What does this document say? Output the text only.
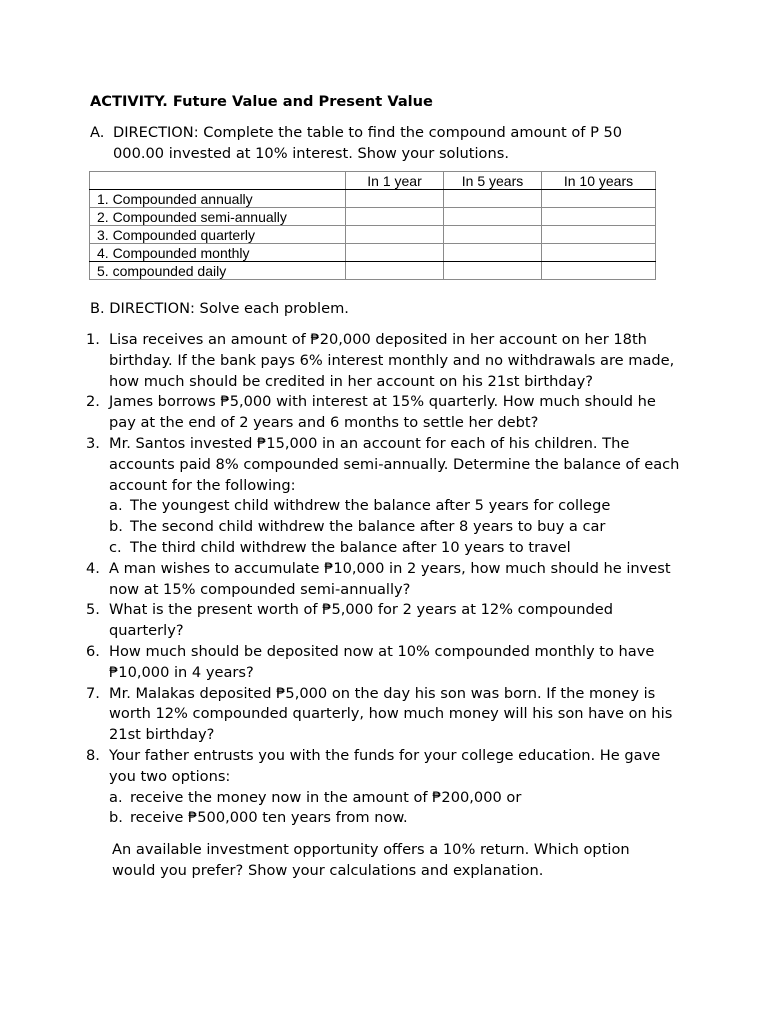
ACTIVITY. Future Value and Present Value
A. DIRECTION: Complete the table to find the compound amount of P 50 000.00 invested at 10% interest. Show your solutions.
	In 1 year	In 5 years	In 10 years
1. Compounded annually			
2. Compounded semi-annually			
3. Compounded quarterly			
4. Compounded monthly			
5. compounded daily			
B. DIRECTION: Solve each problem.
1. Lisa receives an amount of ₱20,000 deposited in her account on her 18th birthday. If the bank pays 6% interest monthly and no withdrawals are made, how much should be credited in her account on his 21st birthday?
2. James borrows ₱5,000 with interest at 15% quarterly. How much should he pay at the end of 2 years and 6 months to settle her debt?
3. Mr. Santos invested ₱15,000 in an account for each of his children. The accounts paid 8% compounded semi-annually. Determine the balance of each account for the following:
a. The youngest child withdrew the balance after 5 years for college
b. The second child withdrew the balance after 8 years to buy a car
c. The third child withdrew the balance after 10 years to travel
4. A man wishes to accumulate ₱10,000 in 2 years, how much should he invest now at 15% compounded semi-annually?
5. What is the present worth of ₱5,000 for 2 years at 12% compounded quarterly?
6. How much should be deposited now at 10% compounded monthly to have ₱10,000 in 4 years?
7. Mr. Malakas deposited ₱5,000 on the day his son was born. If the money is worth 12% compounded quarterly, how much money will his son have on his 21st birthday?
8. Your father entrusts you with the funds for your college education. He gave you two options:
a. receive the money now in the amount of ₱200,000 or
b. receive ₱500,000 ten years from now.
An available investment opportunity offers a 10% return. Which option would you prefer? Show your calculations and explanation.
